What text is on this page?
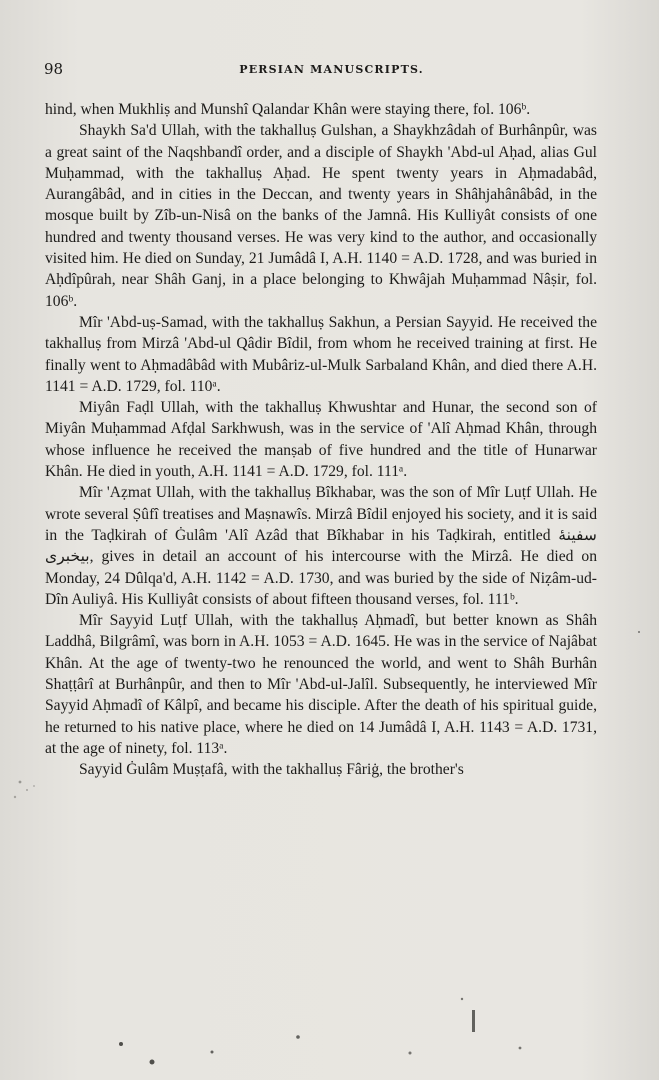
98	PERSIAN MANUSCRIPTS.

hind, when Mukhliṣ and Munshî Qalandar Khân were staying there, fol. 106ᵇ.

Shaykh Sa'd Ullah, with the takhalluṣ Gulshan, a Shaykhzâdah of Burhânpûr, was a great saint of the Naqshbandî order, and a disciple of Shaykh 'Abd-ul Aḥad, alias Gul Muḥammad, with the takhalluṣ Aḥad. He spent twenty years in Aḥmadabâd, Aurangâbâd, and in cities in the Deccan, and twenty years in Shâhjahânâbâd, in the mosque built by Zîb-un-Nisâ on the banks of the Jamnâ. His Kulliyât consists of one hundred and twenty thousand verses. He was very kind to the author, and occasionally visited him. He died on Sunday, 21 Jumâdâ I, A.H. 1140 = A.D. 1728, and was buried in Aḥdîpûrah, near Shâh Ganj, in a place belonging to Khwâjah Muḥammad Nâṣir, fol. 106ᵇ.

Mîr 'Abd-uṣ-Samad, with the takhalluṣ Sakhun, a Persian Sayyid. He received the takhalluṣ from Mirzâ 'Abd-ul Qâdir Bîdil, from whom he received training at first. He finally went to Aḥmadâbâd with Mubâriz-ul-Mulk Sarbaland Khân, and died there A.H. 1141 = A.D. 1729, fol. 110ᵃ.

Miyân Faḍl Ullah, with the takhalluṣ Khwushtar and Hunar, the second son of Miyân Muḥammad Afḍal Sarkhwush, was in the service of 'Alî Aḥmad Khân, through whose influence he received the manṣab of five hundred and the title of Hunarwar Khân. He died in youth, A.H. 1141 = A.D. 1729, fol. 111ᵃ.

Mîr 'Aẓmat Ullah, with the takhalluṣ Bîkhabar, was the son of Mîr Luṭf Ullah. He wrote several Ṣûfî treatises and Maṣnawîs. Mirzâ Bîdil enjoyed his society, and it is said in the Taḍkirah of Ġulâm 'Alî Azâd that Bîkhabar in his Taḍkirah, entitled سفينهٔ بيخبرى, gives in detail an account of his intercourse with the Mirzâ. He died on Monday, 24 Dûlqa'd, A.H. 1142 = A.D. 1730, and was buried by the side of Niẓâm-ud-Dîn Auliyâ. His Kulliyât consists of about fifteen thousand verses, fol. 111ᵇ.

Mîr Sayyid Luṭf Ullah, with the takhalluṣ Aḥmadî, but better known as Shâh Laddhâ, Bilgrâmî, was born in A.H. 1053 = A.D. 1645. He was in the service of Najâbat Khân. At the age of twenty-two he renounced the world, and went to Shâh Burhân Shaṭṭârî at Burhânpûr, and then to Mîr 'Abd-ul-Jalîl. Subsequently, he interviewed Mîr Sayyid Aḥmadî of Kâlpî, and became his disciple. After the death of his spiritual guide, he returned to his native place, where he died on 14 Jumâdâ I, A.H. 1143 = A.D. 1731, at the age of ninety, fol. 113ᵃ.

Sayyid Ġulâm Muṣṭafâ, with the takhalluṣ Fâriġ, the brother's
